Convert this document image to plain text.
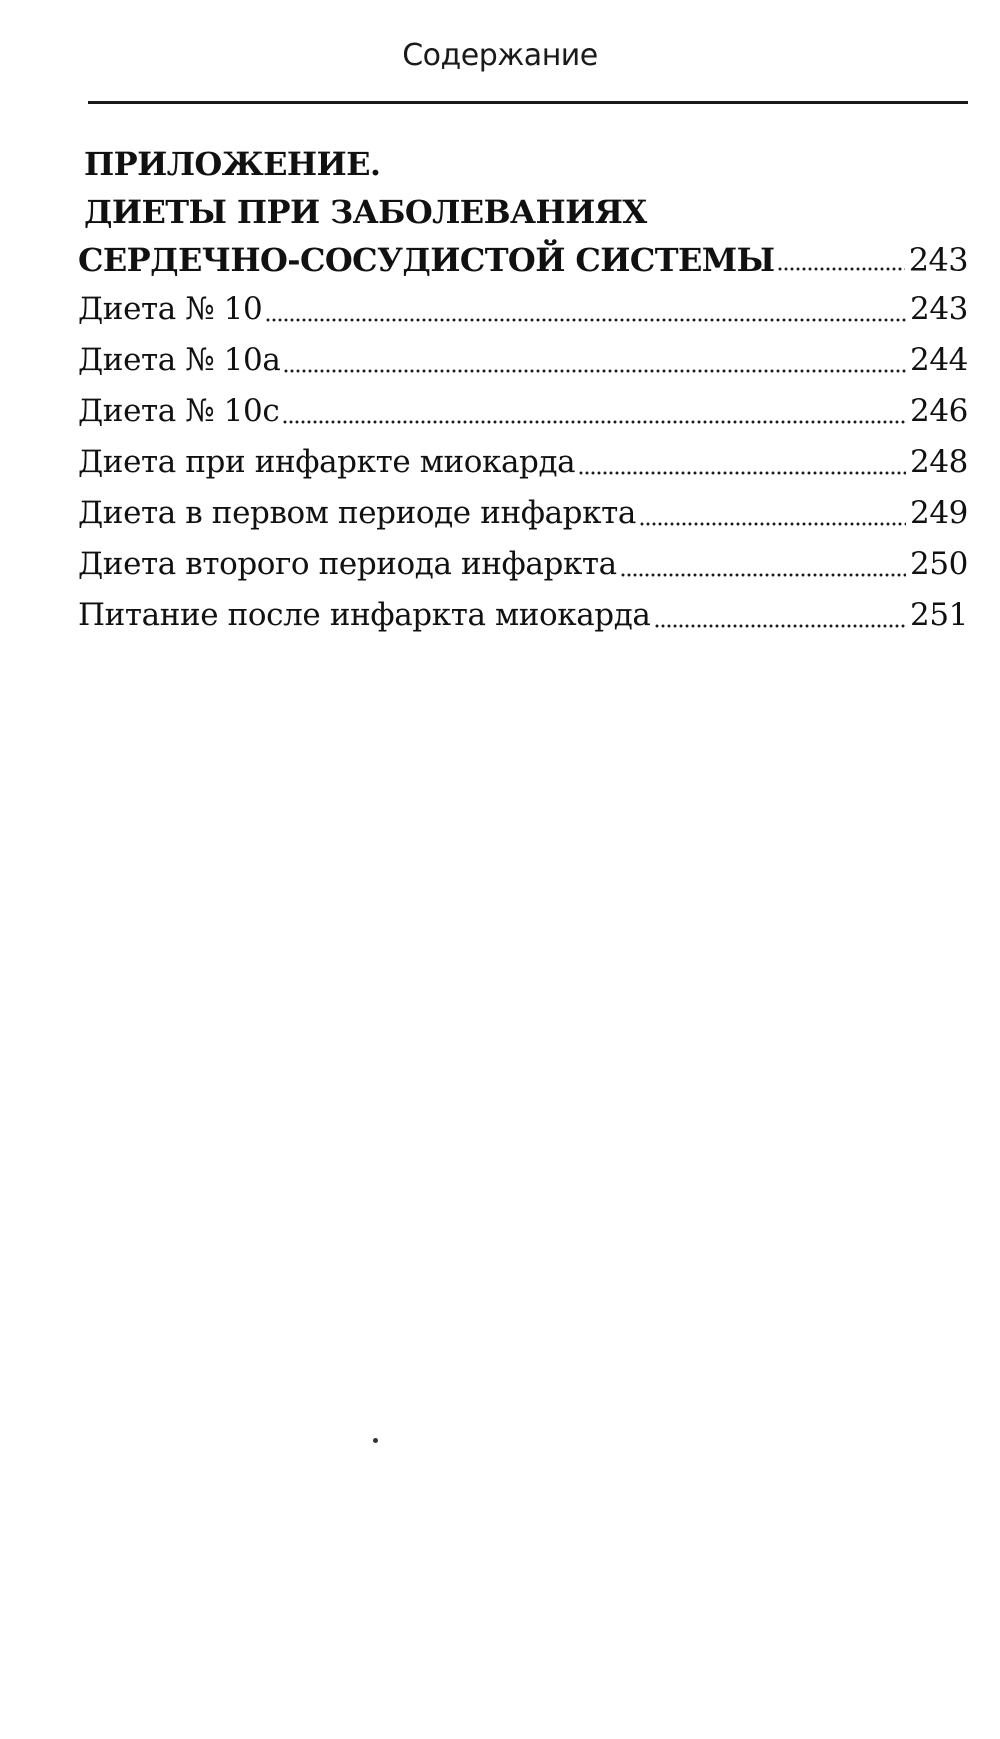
Содержание
ПРИЛОЖЕНИЕ.
ДИЕТЫ ПРИ ЗАБОЛЕВАНИЯХ
СЕРДЕЧНО-СОСУДИСТОЙ СИСТЕМЫ	243
Диета № 10	243
Диета № 10а	244
Диета № 10с	246
Диета при инфаркте миокарда	248
Диета в первом периоде инфаркта	249
Диета второго периода инфаркта	250
Питание после инфаркта миокарда	251
